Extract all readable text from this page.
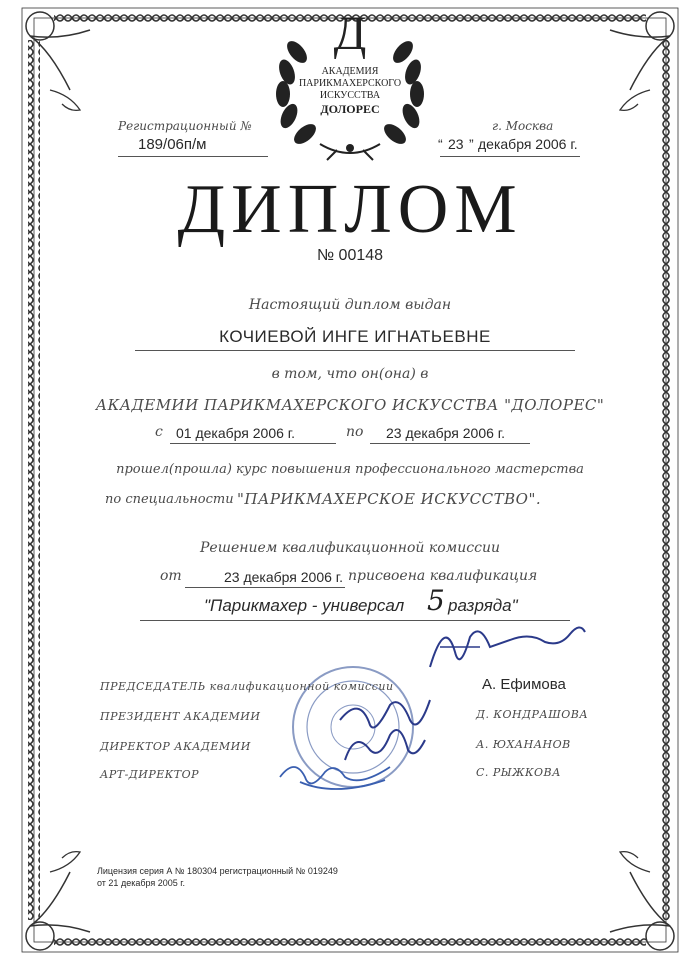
Д
АКАДЕМИЯ
ПАРИКМАХЕРСКОГО
ИСКУССТВА
ДОЛОРЕС
Регистрационный №
189/06п/м
г. Москва
“ 23 ” декабря 2006 г.
ДИПЛОМ
№ 00148
Настоящий диплом выдан
КОЧИЕВОЙ ИНГЕ ИГНАТЬЕВНЕ
в том, что он(она) в
АКАДЕМИИ ПАРИКМАХЕРСКОГО ИСКУССТВА "ДОЛОРЕС"
с 01 декабря 2006 г.	по 23 декабря 2006 г.
прошел(прошла) курс повышения профессионального мастерства
по специальности "ПАРИКМАХЕРСКОЕ ИСКУССТВО".
Решением квалификационной комиссии
от	23 декабря 2006 г. присвоена квалификация
"Парикмахер - универсал 5 разряда"
ПРЕДСЕДАТЕЛЬ квалификационной комиссии	А. Ефимова
ПРЕЗИДЕНТ АКАДЕМИИ	Д. КОНДРАШОВА
ДИРЕКТОР АКАДЕМИИ	А. ЮХАНАНОВ
АРТ-ДИРЕКТОР	С. РЫЖКОВА
Лицензия серия А № 180304 регистрационный № 019249
от 21 декабря 2005 г.
